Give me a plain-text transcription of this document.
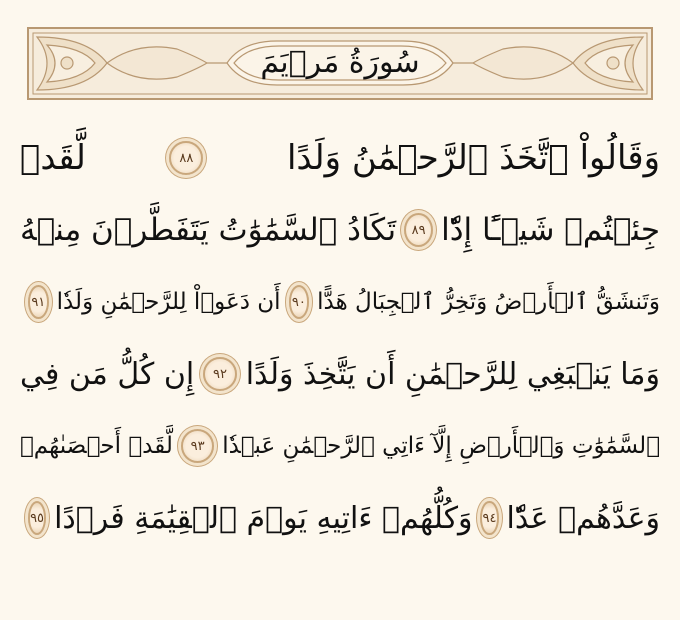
سُورَةُ مَرۡيَمَ
وَقَالُواْ ٱتَّخَذَ ٱلرَّحۡمَٰنُ وَلَدًا
٨٨
لَّقَدۡ
جِئۡتُمۡ شَيۡـًٔا إِدّٗا
٨٩
تَكَادُ ٱلسَّمَٰوَٰتُ يَتَفَطَّرۡنَ مِنۡهُ
وَتَنشَقُّ ٱلۡأَرۡضُ وَتَخِرُّ ٱلۡجِبَالُ هَدًّا
٩٠
أَن دَعَوۡاْ لِلرَّحۡمَٰنِ وَلَدٗا
٩١
وَمَا يَنۢبَغِي لِلرَّحۡمَٰنِ أَن يَتَّخِذَ وَلَدًا
٩٢
إِن كُلُّ مَن فِي
ٱلسَّمَٰوَٰتِ وَٱلۡأَرۡضِ إِلَّآ ءَاتِي ٱلرَّحۡمَٰنِ عَبۡدٗا
٩٣
لَّقَدۡ أَحۡصَىٰهُمۡ
وَعَدَّهُمۡ عَدّٗا
٩٤
وَكُلُّهُمۡ ءَاتِيهِ يَوۡمَ ٱلۡقِيَٰمَةِ فَرۡدًا
٩٥
